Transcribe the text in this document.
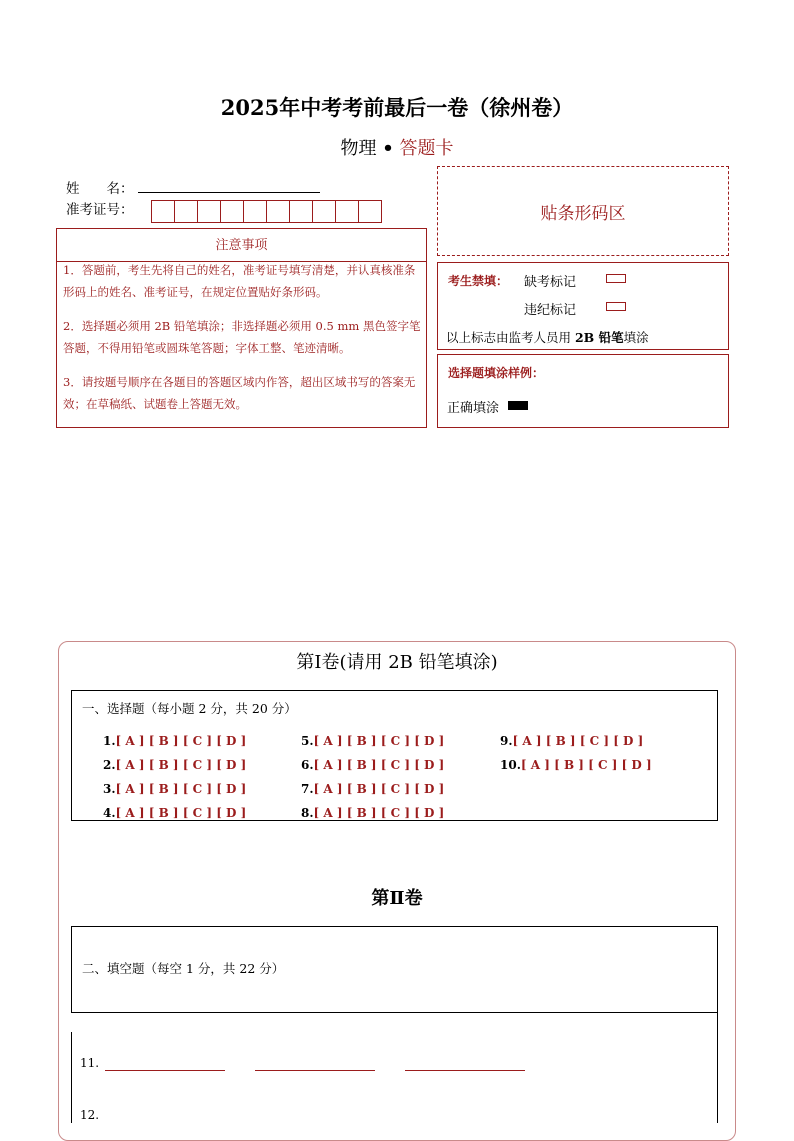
2025年中考考前最后一卷（徐州卷）
物理 • 答题卡
姓　　名：
准考证号：	贴条形码区

1．答题前，考生先将自己的姓名，准考证号填写清楚，并认真核准条形码上的姓名、准考证号，在规定位置贴好条形码。

2．选择题必须用 2B 铅笔填涂；非选择题必须用 0.5 mm 黑色签字笔答题，不得用铅笔或圆珠笔答题；字体工整、笔迹清晰。

3．请按题号顺序在各题目的答题区域内作答，超出区域书写的答案无效；在草稿纸、试题卷上答题无效。

注意事项
考生禁填： 缺考标记
违纪标记
以上标志由监考人员用 2B 铅笔填涂
选择题填涂样例：
正确填涂
第Ⅰ卷(请用 2B 铅笔填涂)
一、选择题（每小题 2 分，共 20 分）
1.[ A ] [ B ] [ C ] [ D ]
2.[ A ] [ B ] [ C ] [ D ]
3.[ A ] [ B ] [ C ] [ D ]
4.[ A ] [ B ] [ C ] [ D ]
5.[ A ] [ B ] [ C ] [ D ]
6.[ A ] [ B ] [ C ] [ D ]
7.[ A ] [ B ] [ C ] [ D ]
8.[ A ] [ B ] [ C ] [ D ]
9.[ A ] [ B ] [ C ] [ D ]
10.[ A ] [ B ] [ C ] [ D ]
第Ⅱ卷
二、填空题（每空 1 分，共 22 分）
11.
12.
